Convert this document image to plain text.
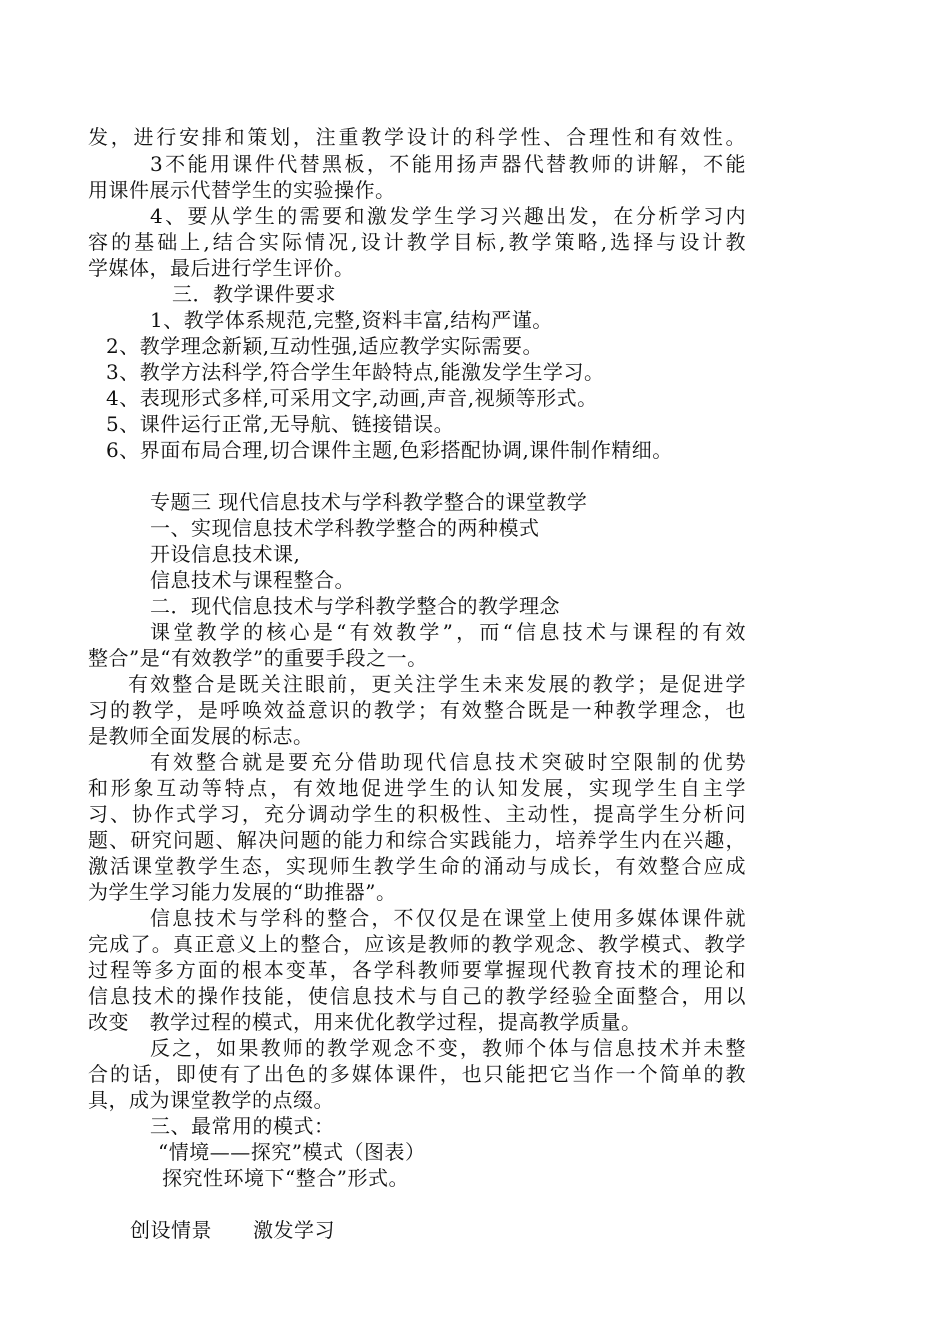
发，进行安排和策划，注重教学设计的科学性、合理性和有效性。
3不能用课件代替黑板，不能用扬声器代替教师的讲解，不能
用课件展示代替学生的实验操作。
4、要从学生的需要和激发学生学习兴趣出发，在分析学习内
容的基础上,结合实际情况,设计教学目标,教学策略,选择与设计教
学媒体，最后进行学生评价。
三．教学课件要求
1、教学体系规范,完整,资料丰富,结构严谨。
2、教学理念新颖,互动性强,适应教学实际需要。
3、教学方法科学,符合学生年龄特点,能激发学生学习。
4、表现形式多样,可采用文字,动画,声音,视频等形式。
5、课件运行正常,无导航、链接错误。
6、界面布局合理,切合课件主题,色彩搭配协调,课件制作精细。
专题三 现代信息技术与学科教学整合的课堂教学
一、实现信息技术学科教学整合的两种模式
开设信息技术课,
信息技术与课程整合。
二．现代信息技术与学科教学整合的教学理念
课堂教学的核心是“有效教学”，而“信息技术与课程的有效
整合”是“有效教学”的重要手段之一。
有效整合是既关注眼前，更关注学生未来发展的教学；是促进学
习的教学，是呼唤效益意识的教学；有效整合既是一种教学理念，也
是教师全面发展的标志。
有效整合就是要充分借助现代信息技术突破时空限制的优势
和形象互动等特点，有效地促进学生的认知发展，实现学生自主学
习、协作式学习，充分调动学生的积极性、主动性，提高学生分析问
题、研究问题、解决问题的能力和综合实践能力，培养学生内在兴趣，
激活课堂教学生态，实现师生教学生命的涌动与成长，有效整合应成
为学生学习能力发展的“助推器”。
信息技术与学科的整合，不仅仅是在课堂上使用多媒体课件就
完成了。真正意义上的整合，应该是教师的教学观念、教学模式、教学
过程等多方面的根本变革，各学科教师要掌握现代教育技术的理论和
信息技术的操作技能，使信息技术与自己的教学经验全面整合，用以
改变　教学过程的模式，用来优化教学过程，提高教学质量。
反之，如果教师的教学观念不变，教师个体与信息技术并未整
合的话，即使有了出色的多媒体课件，也只能把它当作一个简单的教
具，成为课堂教学的点缀。
三、最常用的模式：
“情境——探究”模式（图表）
探究性环境下“整合”形式。
创设情景　　激发学习
